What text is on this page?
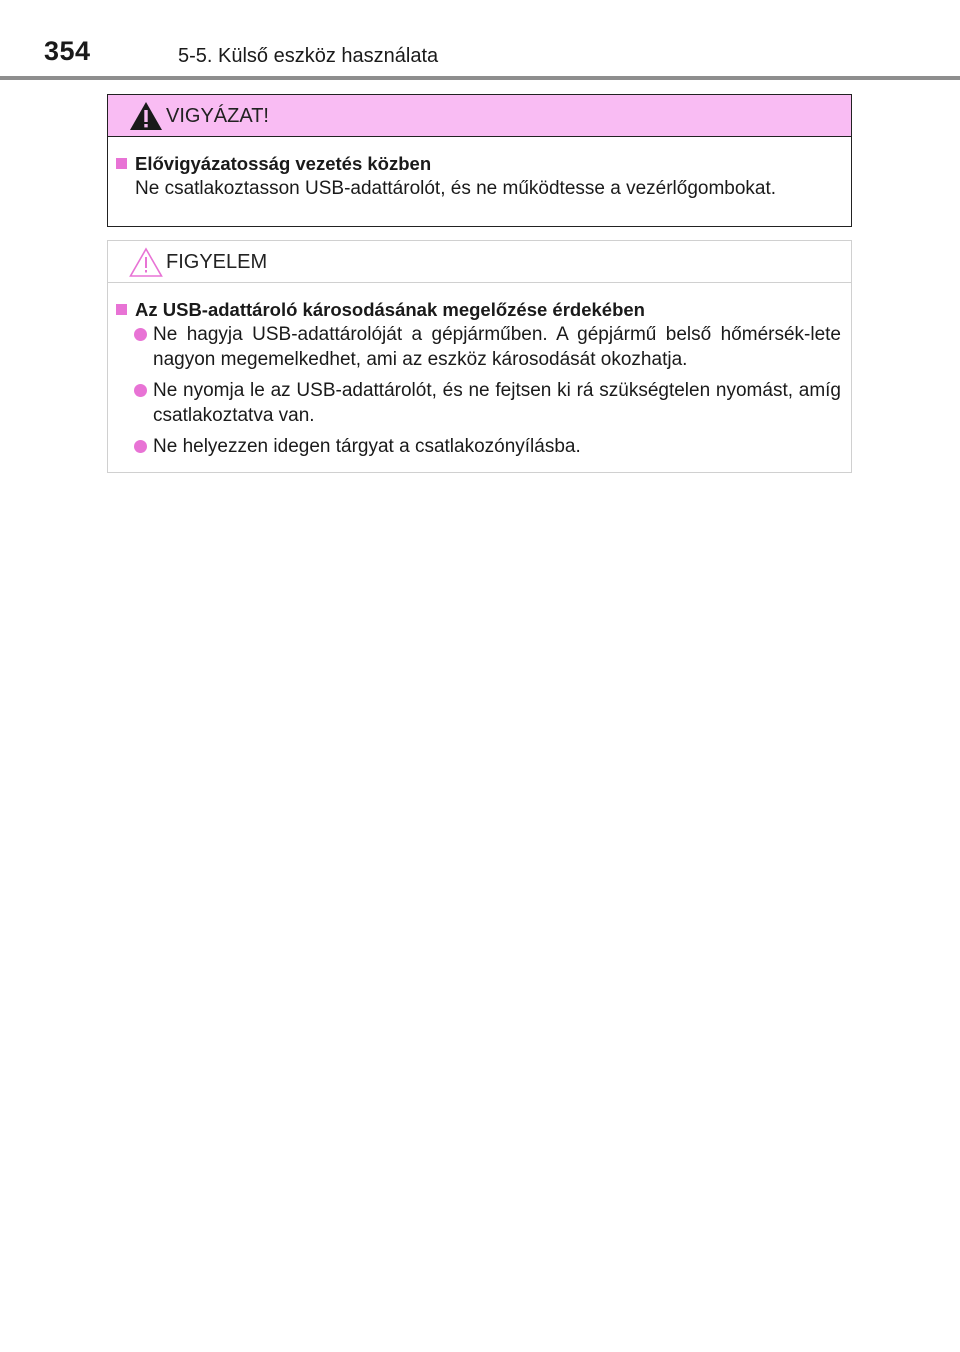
354	5-5. Külső eszköz használata
VIGYÁZAT!
Elővigyázatosság vezetés közben
Ne csatlakoztasson USB-adattárolót, és ne működtesse a vezérlőgombokat.
FIGYELEM
Az USB-adattároló károsodásának megelőzése érdekében
Ne hagyja USB-adattárolóját a gépjárműben. A gépjármű belső hőmérsék-lete nagyon megemelkedhet, ami az eszköz károsodását okozhatja.
Ne nyomja le az USB-adattárolót, és ne fejtsen ki rá szükségtelen nyomást, amíg csatlakoztatva van.
Ne helyezzen idegen tárgyat a csatlakozónyílásba.
